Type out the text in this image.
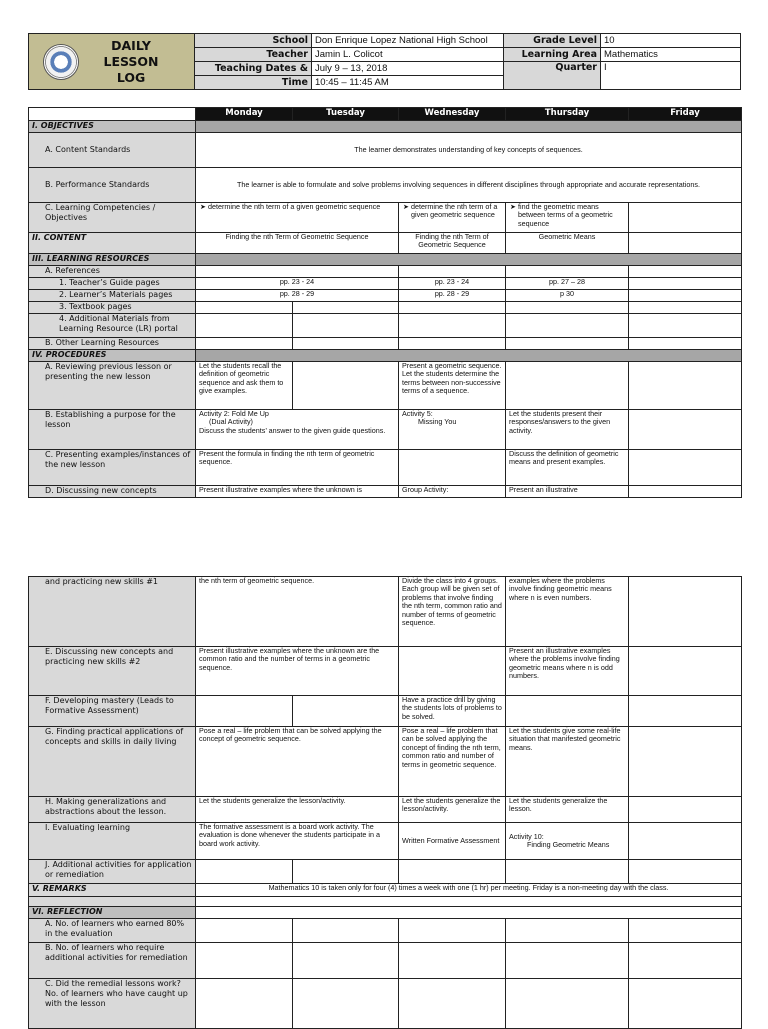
DAILY LESSON
LOG	School	Don Enrique Lopez National High School	Grade Level	10
	Teacher	Jamin L. Colicot	Learning Area	Mathematics
	Teaching Dates &	July 9 – 13, 2018	Quarter	I
	Time	10:45 – 11:45 AM		
	Monday	Tuesday	Wednesday	Thursday	Friday
I. OBJECTIVES					
A. Content Standards	The learner demonstrates understanding of key concepts of sequences.				
B. Performance Standards	The learner is able to formulate and solve problems involving sequences in different disciplines through appropriate and accurate representations.				
C. Learning Competencies / Objectives	➤ determine the nth term of a given geometric sequence		➤ determine the nth term of a given geometric sequence	➤ find the geometric means between terms of a geometric sequence	
II. CONTENT	Finding the nth Term of Geometric Sequence		Finding the nth Term of Geometric Sequence	Geometric Means	
III. LEARNING RESOURCES					
A. References					
1. Teacher’s Guide pages	pp. 23 - 24		pp. 23 - 24	pp. 27 – 28	
2. Learner’s Materials pages	pp. 28 - 29		pp. 28 - 29	p 30	
3. Textbook pages					
4. Additional Materials from Learning Resource (LR) portal					
B. Other Learning Resources					
IV. PROCEDURES					
A. Reviewing previous lesson or presenting the new lesson	Let the students recall the definition of geometric sequence and ask them to give examples.		Present a geometric sequence. Let the students determine the terms between non-successive terms of a sequence.		
B. Establishing a purpose for the lesson	Activity 2: Fold Me Up
(Dual Activity)
Discuss the students’ answer to the given guide questions.		Activity 5:
Missing You	Let the students present their responses/answers to the given activity.	
C. Presenting examples/instances of the new lesson	Present the formula in finding the nth term of geometric sequence.			Discuss the definition of geometric means and present examples.	
D. Discussing new concepts	Present illustrative examples where the unknown is		Group Activity:	Present an illustrative	
and practicing new skills #1	the nth term of geometric sequence.		Divide the class into 4 groups. Each group will be given set of problems that involve finding the nth term, common ratio and number of terms of geometric sequence.	examples where the problems involve finding geometric means where n is even numbers.	
E. Discussing new concepts and practicing new skills #2	Present illustrative examples where the unknown are the common ratio and the number of terms in a geometric sequence.			Present an illustrative examples where the problems involve finding geometric means where n is odd numbers.	
F. Developing mastery (Leads to Formative Assessment)			Have a practice drill by giving the students lots of problems to be solved.		
G. Finding practical applications of concepts and skills in daily living	Pose a real – life problem that can be solved applying the concept of geometric sequence.		Pose a real – life problem that can be solved applying the concept of finding the nth term, common ratio and number of terms in geometric sequence.	Let the students give some real-life situation that manifested geometric means.	
H. Making generalizations and abstractions about the lesson.	Let the students generalize the lesson/activity.		Let the students generalize the lesson/activity.	Let the students generalize the lesson.	
I. Evaluating learning	The formative assessment is a board work activity. The evaluation is done whenever the students participate in a board work activity.		Written Formative Assessment	Activity 10:
Finding Geometric Means	
J. Additional activities for application or remediation					
V. REMARKS	Mathematics 10 is taken only for four (4) times a week with one (1 hr) per meeting. Friday is a non-meeting day with the class.				

VI. REFLECTION					
A. No. of learners who earned 80% in the evaluation					
B. No. of learners who require additional activities for remediation					
C. Did the remedial lessons work? No. of learners who have caught up with the lesson					
